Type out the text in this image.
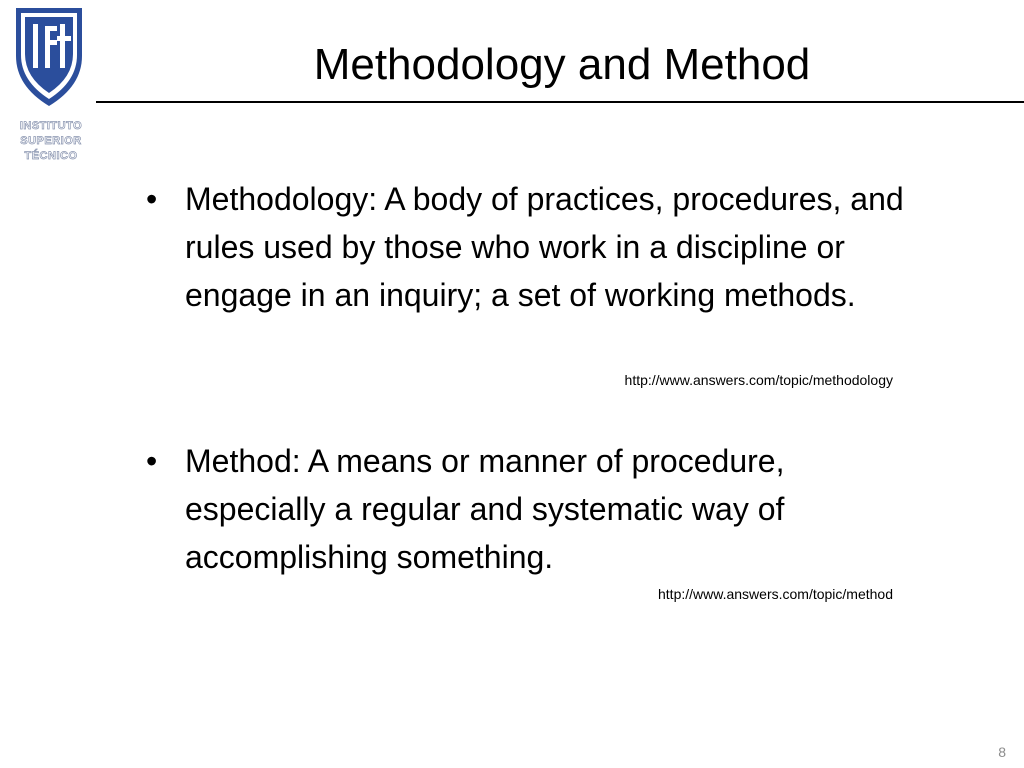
INSTITUTO
SUPERIOR
TÉCNICO
Methodology and Method
• Methodology: A body of practices, procedures, and rules used by those who work in a discipline or engage in an inquiry; a set of working methods.
http://www.answers.com/topic/methodology
• Method: A means or manner of procedure, especially a regular and systematic way of accomplishing something.
http://www.answers.com/topic/method
8
